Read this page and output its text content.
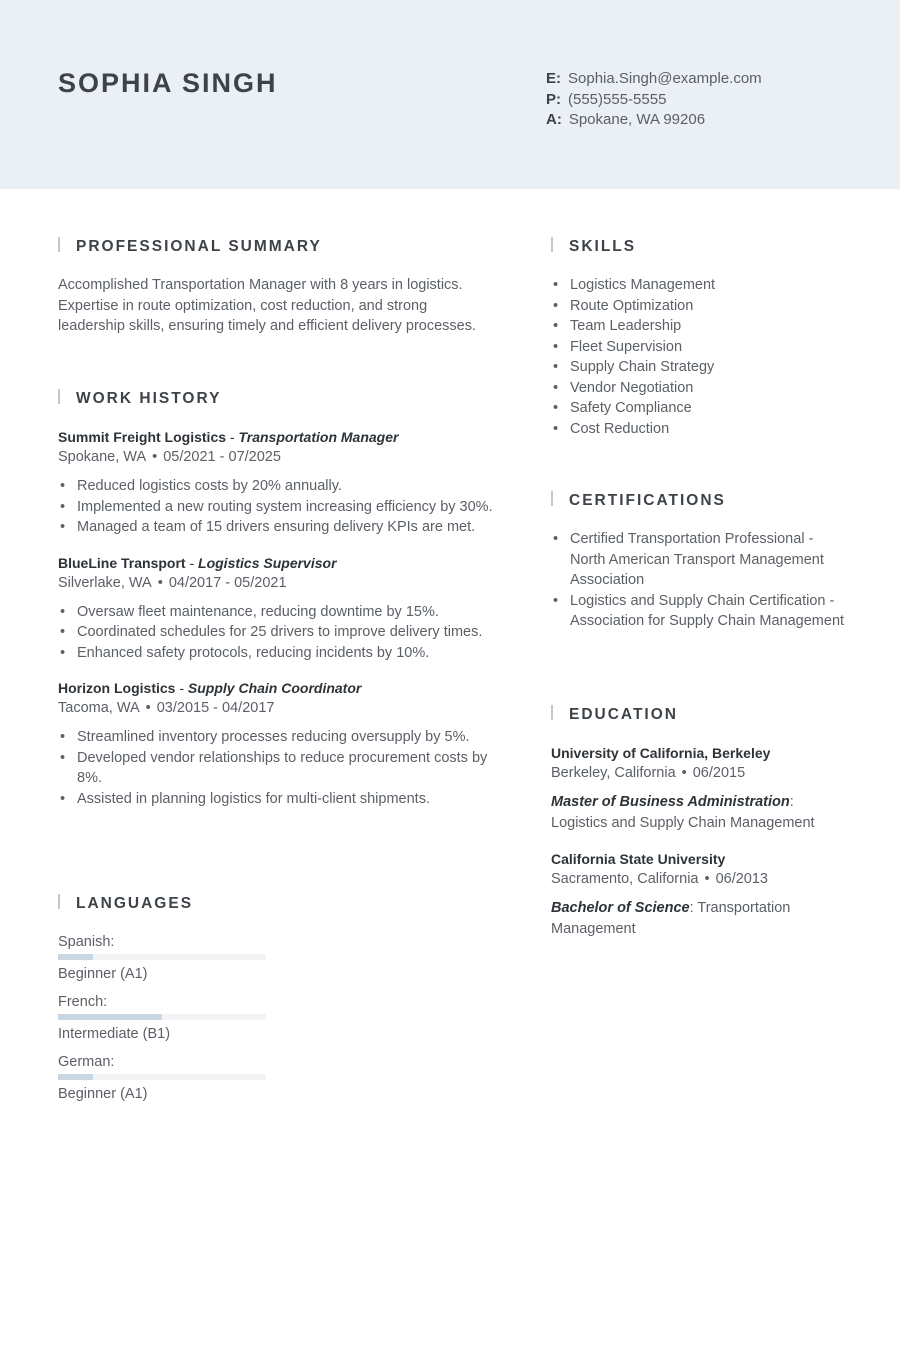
SOPHIA SINGH	E: Sophia.Singh@example.com
P: (555)555-5555
A: Spokane, WA 99206
PROFESSIONAL SUMMARY

Accomplished Transportation Manager with 8 years in logistics. Expertise in route optimization, cost reduction, and strong leadership skills, ensuring timely and efficient delivery processes.

WORK HISTORY
Summit Freight Logistics - Transportation Manager
Spokane, WA • 05/2021 - 07/2025
• Reduced logistics costs by 20% annually.
• Implemented a new routing system increasing efficiency by 30%.
• Managed a team of 15 drivers ensuring delivery KPIs are met.
BlueLine Transport - Logistics Supervisor
Silverlake, WA • 04/2017 - 05/2021
• Oversaw fleet maintenance, reducing downtime by 15%.
• Coordinated schedules for 25 drivers to improve delivery times.
• Enhanced safety protocols, reducing incidents by 10%.
Horizon Logistics - Supply Chain Coordinator
Tacoma, WA • 03/2015 - 04/2017
• Streamlined inventory processes reducing oversupply by 5%.
• Developed vendor relationships to reduce procurement costs by 8%.
• Assisted in planning logistics for multi-client shipments.
LANGUAGES
Spanish:
Beginner (A1)
French:
Intermediate (B1)
German:
Beginner (A1)
SKILLS
• Logistics Management
• Route Optimization
• Team Leadership
• Fleet Supervision
• Supply Chain Strategy
• Vendor Negotiation
• Safety Compliance
• Cost Reduction
CERTIFICATIONS
• Certified Transportation Professional - North American Transport Management Association
• Logistics and Supply Chain Certification - Association for Supply Chain Management
EDUCATION
University of California, Berkeley
Berkeley, California • 06/2015
Master of Business Administration: Logistics and Supply Chain Management
California State University
Sacramento, California • 06/2013
Bachelor of Science: Transportation Management
